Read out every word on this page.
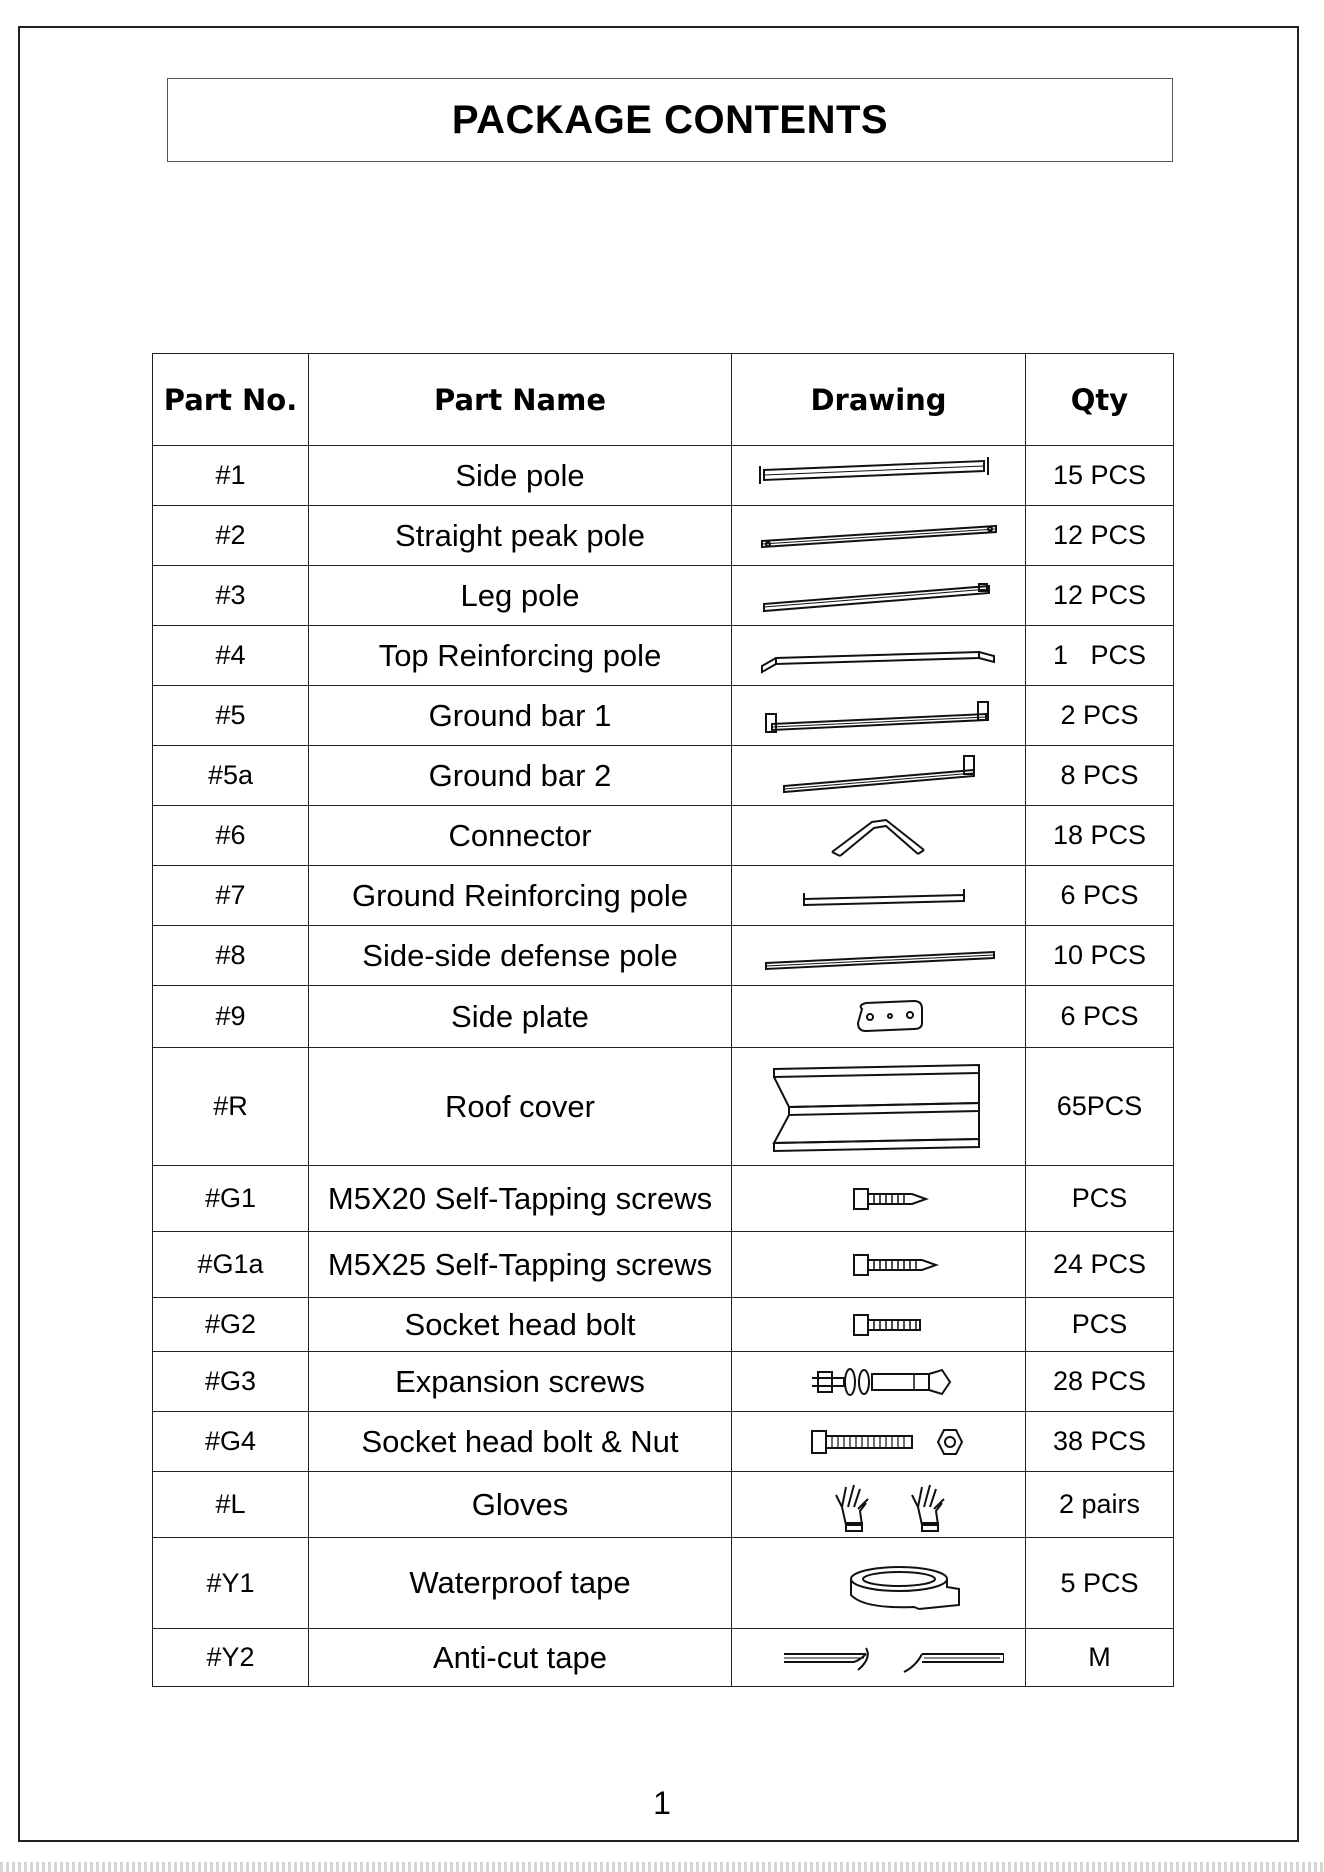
PACKAGE CONTENTS
Part No.	Part Name	Drawing	Qty
#1	Side pole		15 PCS
#2	Straight peak pole		12 PCS
#3	Leg pole		12 PCS
#4	Top Reinforcing pole		1   PCS
#5	Ground bar 1		2 PCS
#5a	Ground bar 2		8 PCS
#6	Connector		18 PCS
#7	Ground Reinforcing pole		6 PCS
#8	Side-side defense pole		10 PCS
#9	Side plate		6 PCS
#R	Roof cover		65PCS
#G1	M5X20 Self-Tapping screws		PCS
#G1a	M5X25 Self-Tapping screws		24 PCS
#G2	Socket head bolt		PCS
#G3	Expansion screws		28 PCS
#G4	Socket head bolt & Nut		38 PCS
#L	Gloves		2 pairs
#Y1	Waterproof tape		5 PCS
#Y2	Anti-cut tape		M
1
